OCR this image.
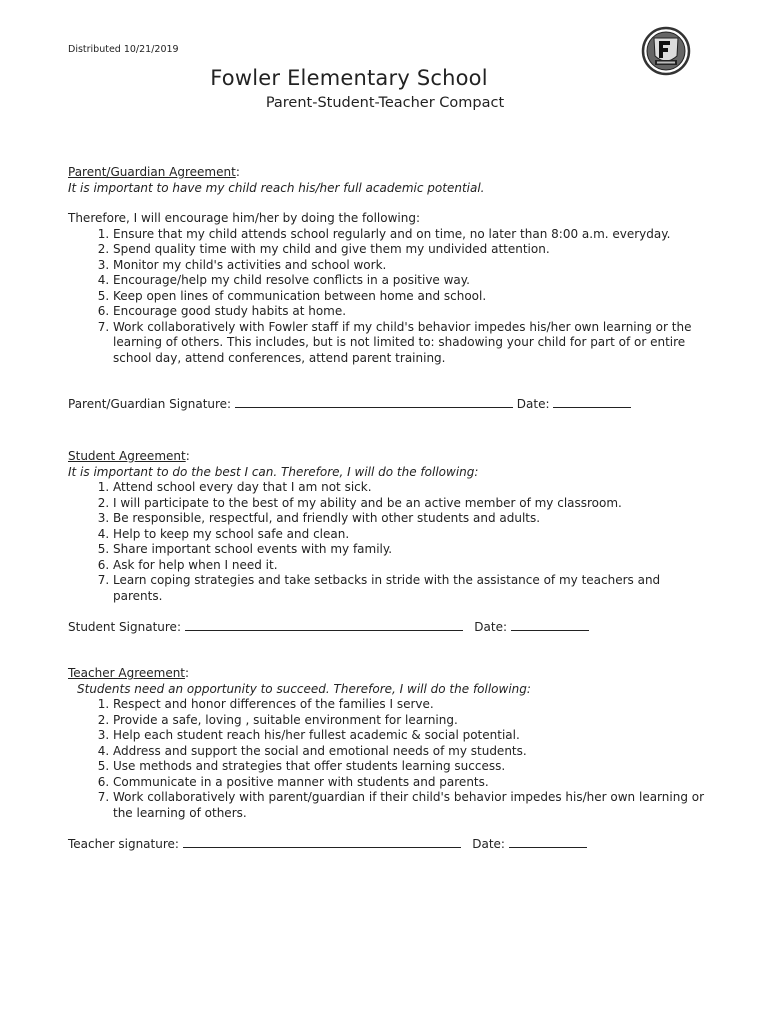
Distributed 10/21/2019
Fowler Elementary School
Parent-Student-Teacher Compact
Parent/Guardian Agreement:
It is important to have my child reach his/her full academic potential.
Therefore, I will encourage him/her by doing the following:
1. Ensure that my child attends school regularly and on time, no later than 8:00 a.m. everyday.
2. Spend quality time with my child and give them my undivided attention.
3. Monitor my child's activities and school work.
4. Encourage/help my child resolve conflicts in a positive way.
5. Keep open lines of communication between home and school.
6. Encourage good study habits at home.
7. Work collaboratively with Fowler staff if my child's behavior impedes his/her own learning or the learning of others. This includes, but is not limited to: shadowing your child for part of or entire school day, attend conferences, attend parent training.
Parent/Guardian Signature:	Date:
Student Agreement:
It is important to do the best I can. Therefore, I will do the following:
1. Attend school every day that I am not sick.
2. I will participate to the best of my ability and be an active member of my classroom.
3. Be responsible, respectful, and friendly with other students and adults.
4. Help to keep my school safe and clean.
5. Share important school events with my family.
6. Ask for help when I need it.
7. Learn coping strategies and take setbacks in stride with the assistance of my teachers and parents.
Student Signature:	Date:
Teacher Agreement:
Students need an opportunity to succeed. Therefore, I will do the following:
1. Respect and honor differences of the families I serve.
2. Provide a safe, loving , suitable environment for learning.
3. Help each student reach his/her fullest academic & social potential.
4. Address and support the social and emotional needs of my students.
5. Use methods and strategies that offer students learning success.
6. Communicate in a positive manner with students and parents.
7. Work collaboratively with parent/guardian if their child's behavior impedes his/her own learning or the learning of others.
Teacher signature:	Date:
